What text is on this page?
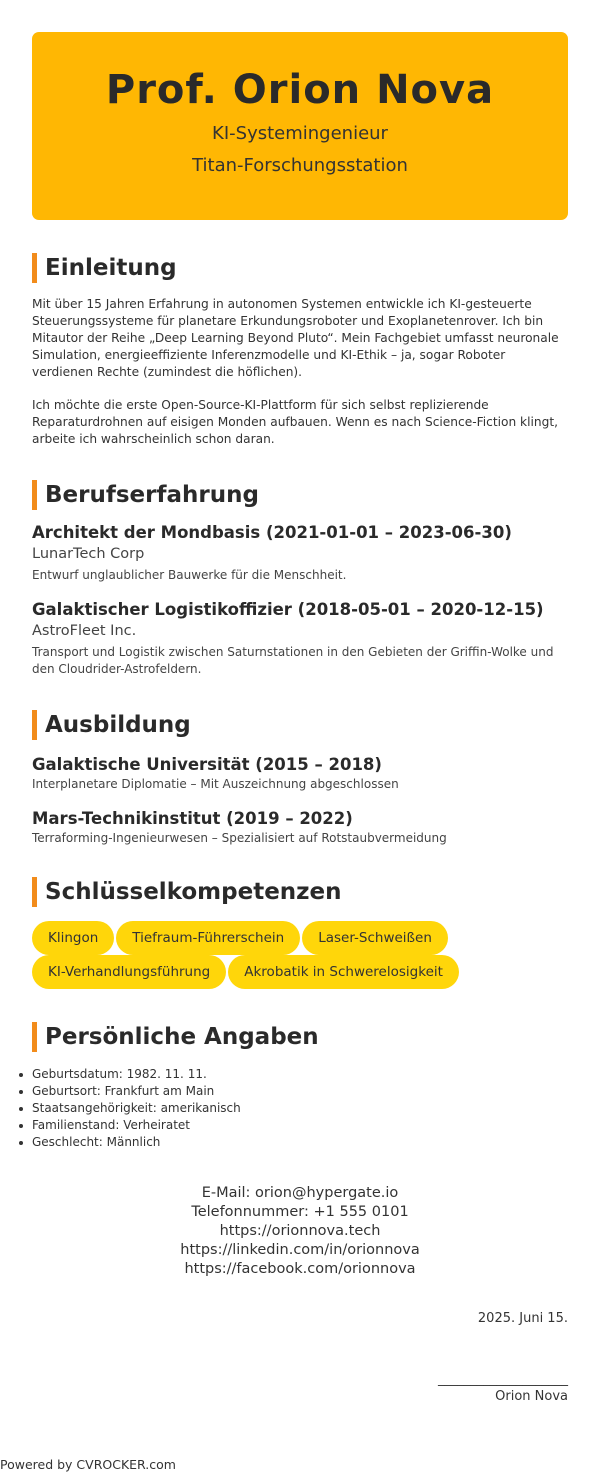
Prof. Orion Nova
KI-Systemingenieur
Titan-Forschungsstation
Einleitung

Mit über 15 Jahren Erfahrung in autonomen Systemen entwickle ich KI-gesteuerte Steuerungssysteme für planetare Erkundungsroboter und Exoplanetenrover. Ich bin Mitautor der Reihe „Deep Learning Beyond Pluto“. Mein Fachgebiet umfasst neuronale Simulation, energieeffiziente Inferenzmodelle und KI-Ethik – ja, sogar Roboter verdienen Rechte (zumindest die höflichen).

Ich möchte die erste Open-Source-KI-Plattform für sich selbst replizierende Reparaturdrohnen auf eisigen Monden aufbauen. Wenn es nach Science-Fiction klingt, arbeite ich wahrscheinlich schon daran.

Berufserfahrung
Architekt der Mondbasis (2021-01-01 – 2023-06-30)
LunarTech Corp
Entwurf unglaublicher Bauwerke für die Menschheit.
Galaktischer Logistikoffizier (2018-05-01 – 2020-12-15)
AstroFleet Inc.
Transport und Logistik zwischen Saturnstationen in den Gebieten der Griffin-Wolke und den Cloudrider-Astrofeldern.
Ausbildung
Galaktische Universität (2015 – 2018)
Interplanetare Diplomatie – Mit Auszeichnung abgeschlossen
Mars-Technikinstitut (2019 – 2022)
Terraforming-Ingenieurwesen – Spezialisiert auf Rotstaubvermeidung
Schlüsselkompetenzen
Klingon	Tiefraum-Führerschein	Laser-Schweißen
KI-Verhandlungsführung	Akrobatik in Schwerelosigkeit
Persönliche Angaben
Geburtsdatum: 1982. 11. 11.
Geburtsort: Frankfurt am Main
Staatsangehörigkeit: amerikanisch
Familienstand: Verheiratet
Geschlecht: Männlich
E-Mail: orion@hypergate.io
Telefonnummer: +1 555 0101
https://orionnova.tech
https://linkedin.com/in/orionnova
https://facebook.com/orionnova
2025. Juni 15.
____________________
Orion Nova
Powered by CVROCKER.com
